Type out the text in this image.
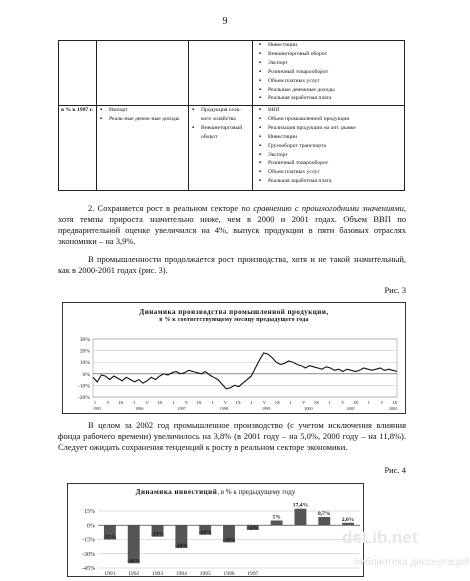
9
▪ Инвестиции
▪ Внешнеторговый оборот
▪ Экспорт
▪ Розничный товарооборот
▪ Объем платных услуг
▪ Реальные денежные доходы
▪ Реальная заработная плата
в % к 1997 г.
▪	Импорт
▪ Реаль-ные денеж-ные доходы
▪ Продукция сель-кого хозяйства
▪ Внешнеторговый оборот
▪ ВВП
▪ Объем промышленной продукции
▪ Реализация продукции на опт. рынке
▪ Инвестиции
▪ Грузооборот транспорта
▪ Экспорт
▪ Розничный товарооборот
▪ Объем платных услуг
▪ Реальная заработная плата

2. Сохраняется рост в реальном секторе по сравнению с прошлогодними значениями, хотя темпы прироста значительно ниже, чем в 2000 и 2001 годах. Объем ВВП по предварительной оценке увеличился на 4%, выпуск продукции в пяти базовых отраслях экономики – на 3,9%.

В промышленности продолжается рост производства, хотя и не такой значительный, как в 2000-2001 годах (рис. 3).

Рис. 3
Динамика производства промышленной продукции,
в % к соответствующему месяцу предыдущего года
30%
20%
10%
0%
-10%
-20%
I V IX I V IX I V IX I V IX I V IX I V IX I V IX I V IX
1995	1996	1997	1998	1999	2000	2001	2002

В целом за 2002 год промышленное производство (с учетом исключения влияния фонда рабочего времени) увеличилось на 3,8% (в 2001 году – на 5,0%, 2000 году – на 11,8%). Следует ожидать сохранения тенденций к росту в реальном секторе экономики.

Рис. 4
Динамика инвестиций, в % к предыдущему году
15%
0%
-15%
-30%
-45%
-15%
1991
-40%
1992
-12%
1993
-24%
1994
-10%
1995
-18%
1996
-5%
1997
5%
17,4%
8,7%
2,6%
dsLib.net
библиотека диссертаций
